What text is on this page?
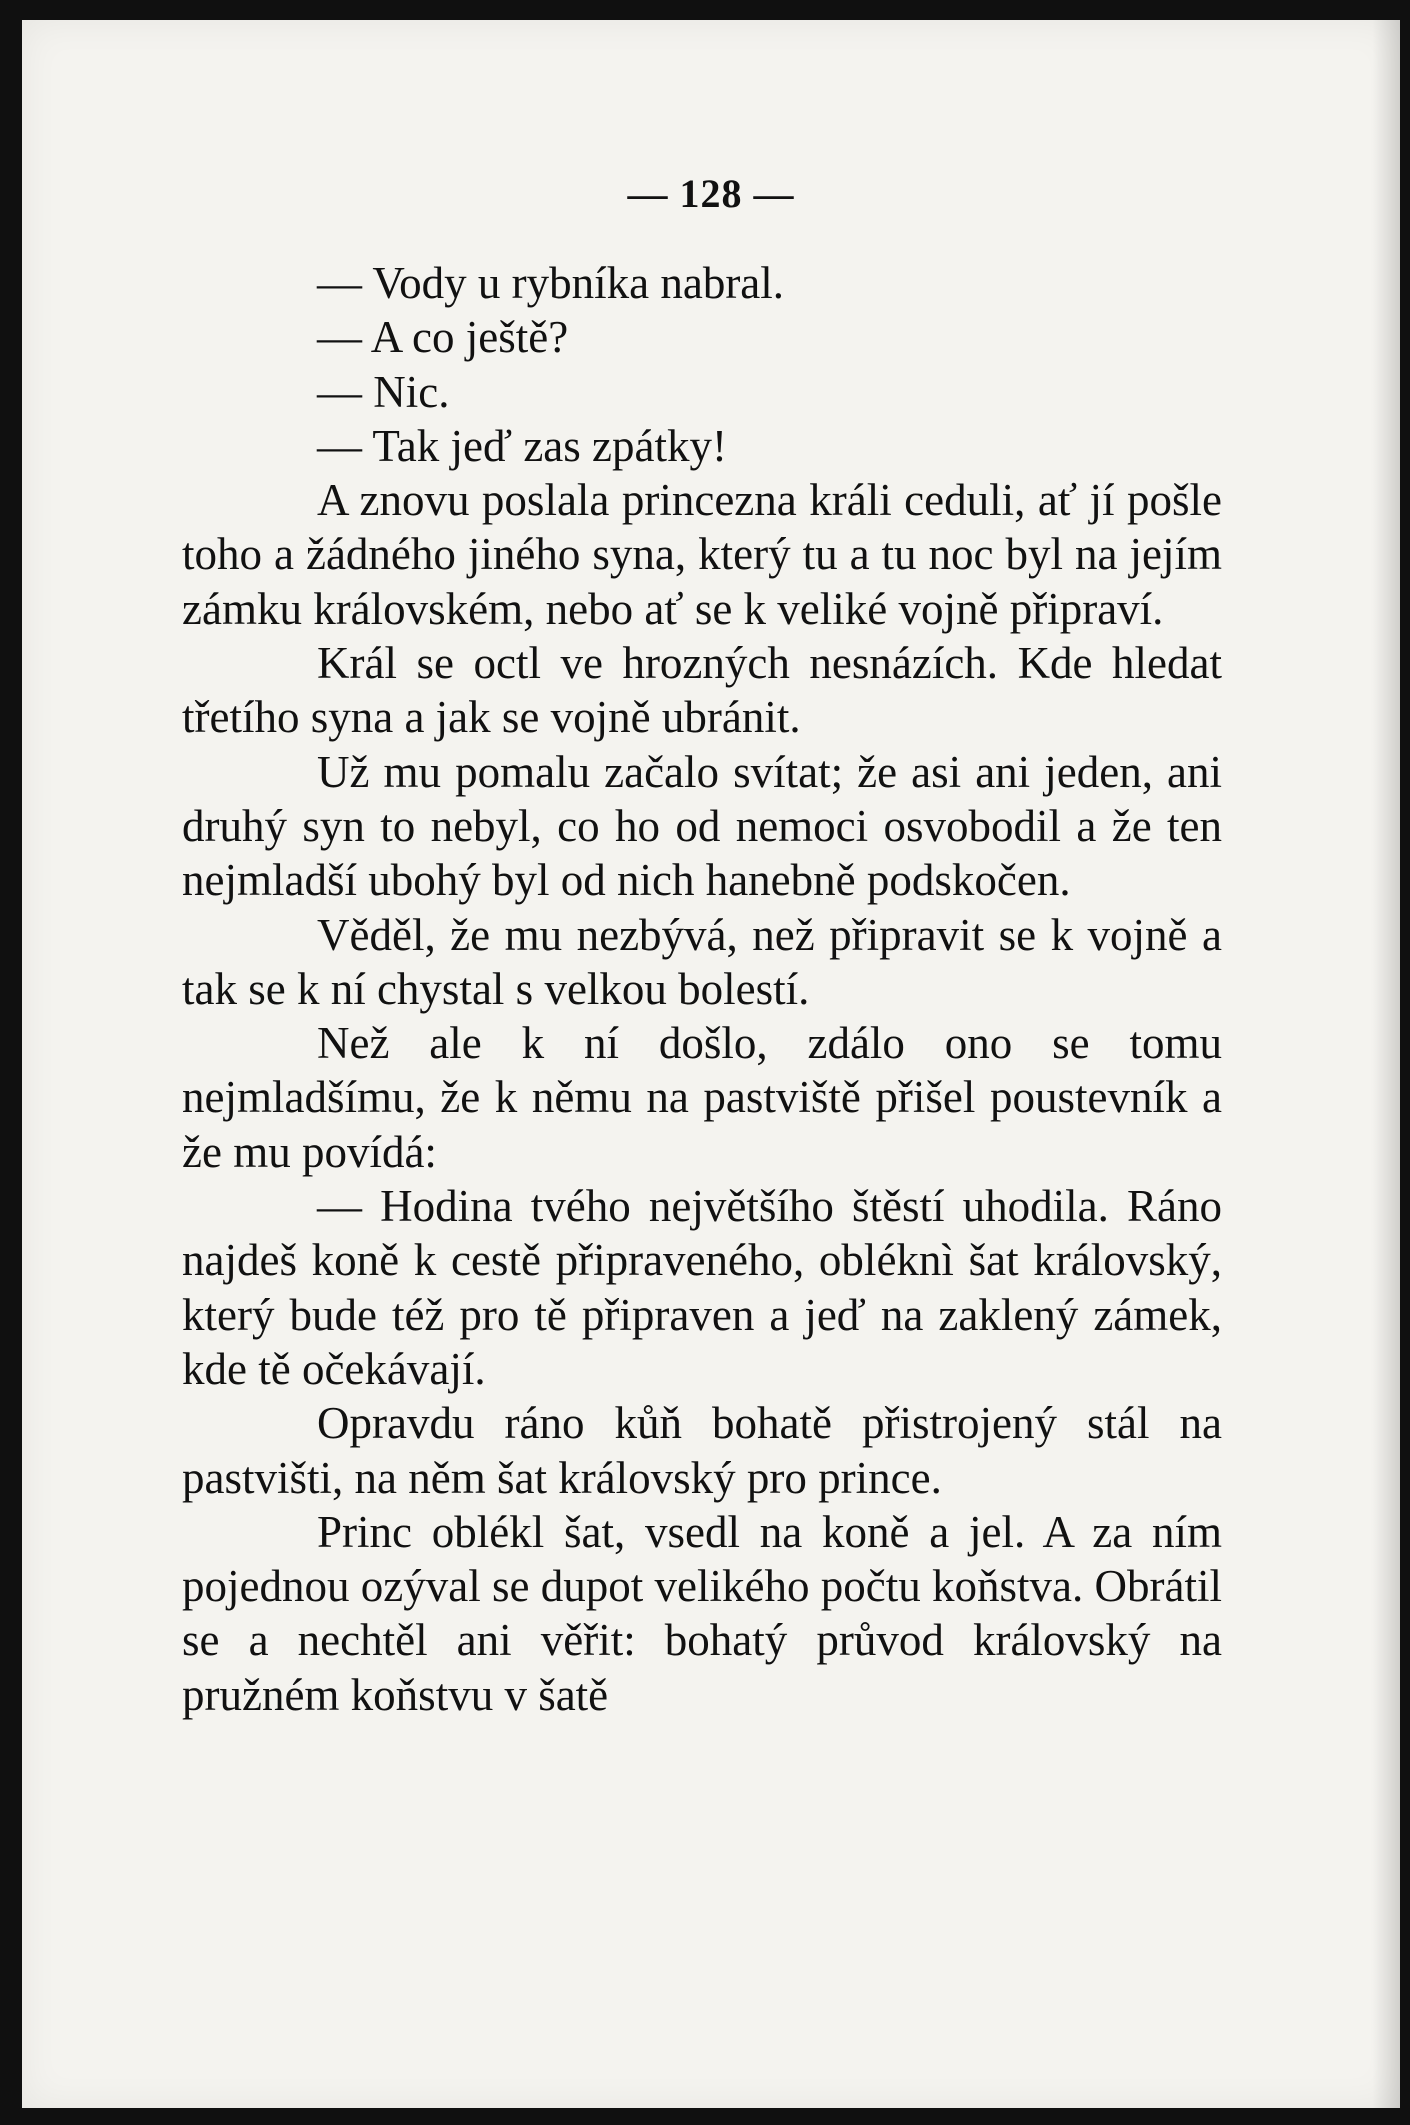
— 128 —

— Vody u rybníka nabral.

— A co ještě?

— Nic.

— Tak jeď zas zpátky!

A znovu poslala princezna králi ceduli, ať jí pošle toho a žádného jiného syna, který tu a tu noc byl na jejím zámku královském, nebo ať se k veliké vojně připraví.

Král se octl ve hrozných nesnázích. Kde hledat třetího syna a jak se vojně ubránit.

Už mu pomalu začalo svítat; že asi ani jeden, ani druhý syn to nebyl, co ho od nemoci osvobodil a že ten nejmladší ubohý byl od nich hanebně podskočen.

Věděl, že mu nezbývá, než připravit se k vojně a tak se k ní chystal s velkou bolestí.

Než ale k ní došlo, zdálo ono se tomu nejmladšímu, že k němu na pastviště přišel poustevník a že mu povídá:

— Hodina tvého největšího štěstí uhodila. Ráno najdeš koně k cestě připraveného, obléknì šat královský, který bude též pro tě připraven a jeď na zaklený zámek, kde tě očekávají.

Opravdu ráno kůň bohatě přistrojený stál na pastvišti, na něm šat královský pro prince.

Princ oblékl šat, vsedl na koně a jel. A za ním pojednou ozýval se dupot velikého počtu koňstva. Obrátil se a nechtěl ani věřit: bohatý průvod královský na pružném koňstvu v šatě
